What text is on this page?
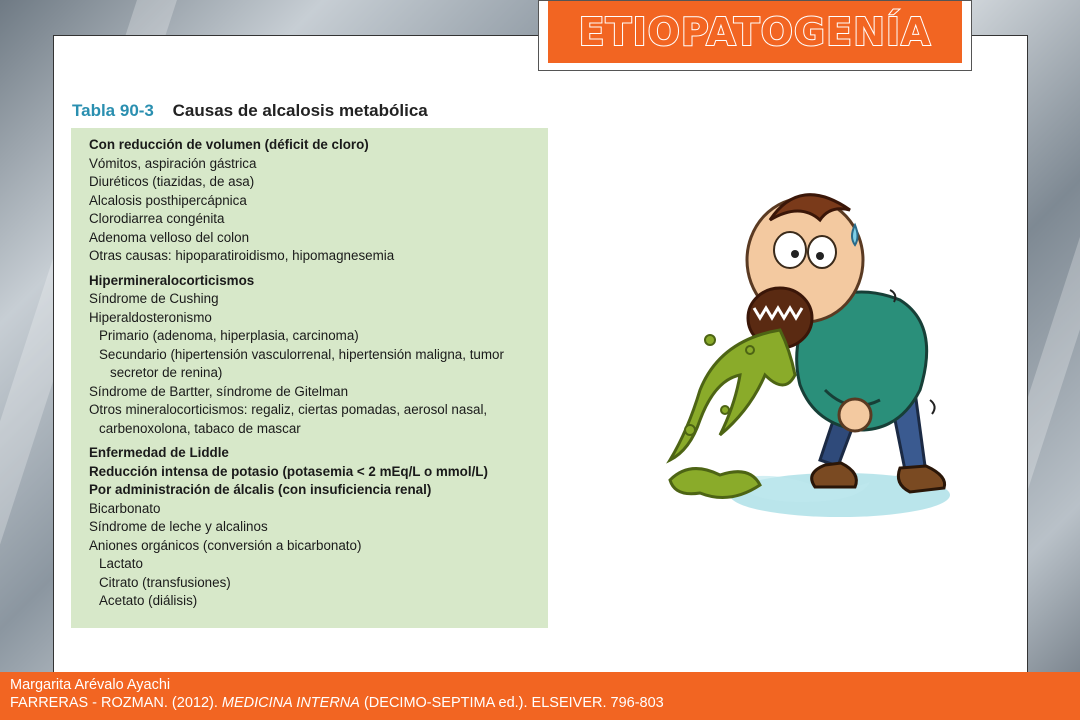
ETIOPATOGENÍA
Tabla 90-3 Causas de alcalosis metabólica
Con reducción de volumen (déficit de cloro)
Vómitos, aspiración gástrica
Diuréticos (tiazidas, de asa)
Alcalosis posthipercápnica
Clorodiarrea congénita
Adenoma velloso del colon
Otras causas: hipoparatiroidismo, hipomagnesemia
Hipermineralocorticismos
Síndrome de Cushing
Hiperaldosteronismo
Primario (adenoma, hiperplasia, carcinoma)
Secundario (hipertensión vasculorrenal, hipertensión maligna, tumor
secretor de renina)
Síndrome de Bartter, síndrome de Gitelman
Otros mineralocorticismos: regaliz, ciertas pomadas, aerosol nasal,
carbenoxolona, tabaco de mascar
Enfermedad de Liddle
Reducción intensa de potasio (potasemia < 2 mEq/L o mmol/L)
Por administración de álcalis (con insuficiencia renal)
Bicarbonato
Síndrome de leche y alcalinos
Aniones orgánicos (conversión a bicarbonato)
Lactato
Citrato (transfusiones)
Acetato (diálisis)
Margarita Arévalo Ayachi
FARRERAS - ROZMAN. (2012). MEDICINA INTERNA (DECIMO-SEPTIMA ed.). ELSEIVER. 796-803
